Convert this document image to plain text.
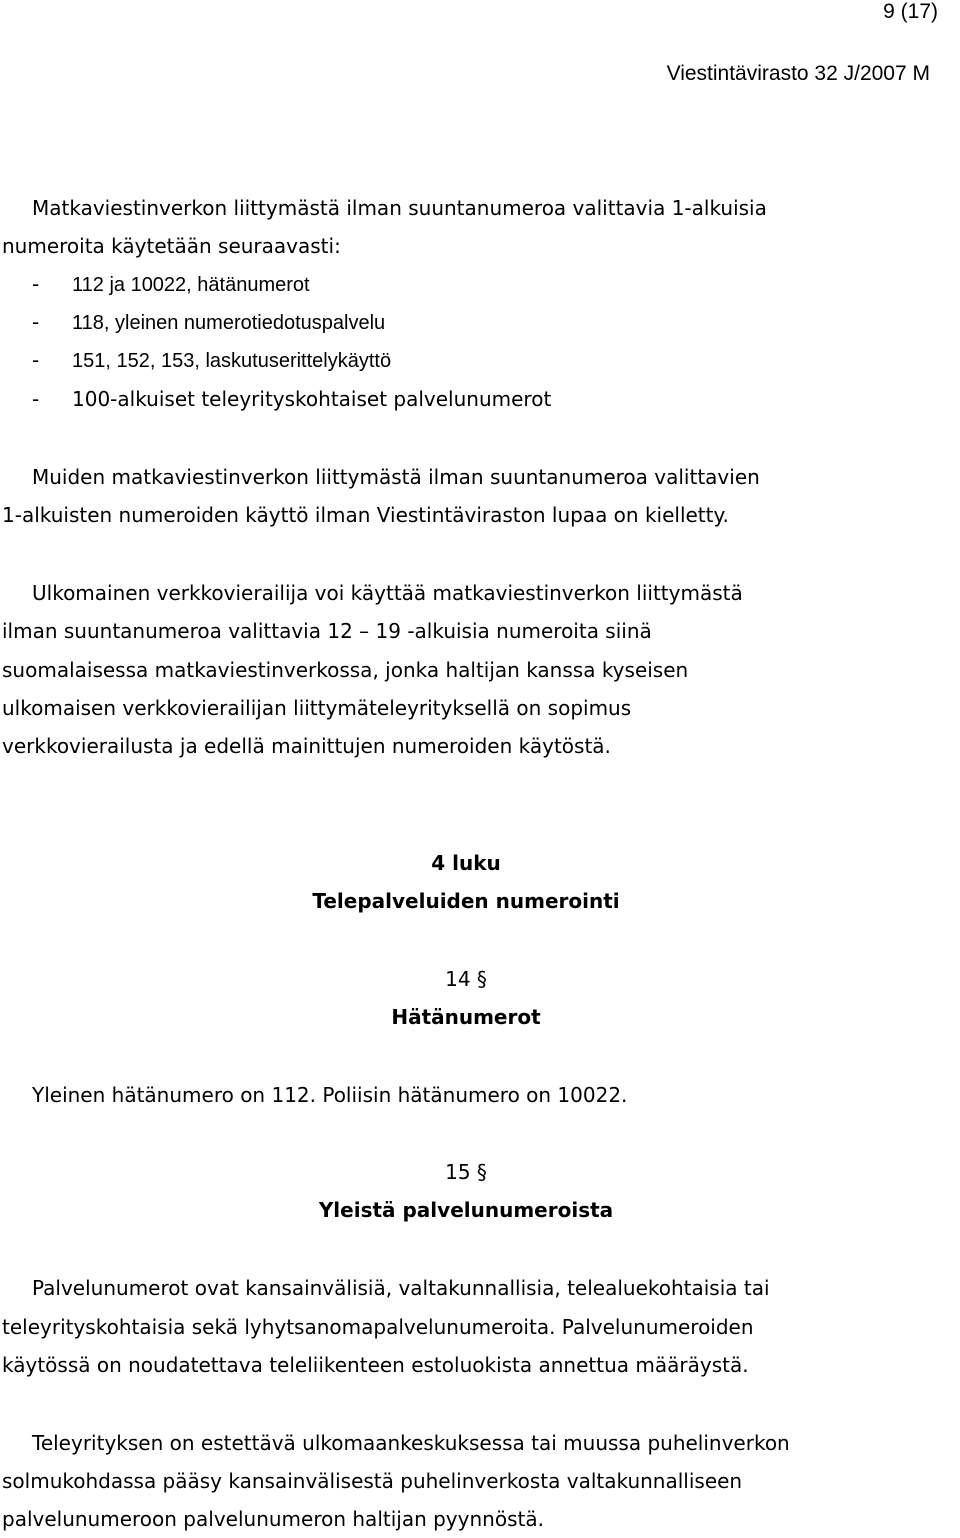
9 (17)
Viestintävirasto 32 J/2007 M
Matkaviestinverkon liittymästä ilman suuntanumeroa valittavia 1-alkuisia
numeroita käytetään seuraavasti:
- 112 ja 10022, hätänumerot
- 118, yleinen numerotiedotuspalvelu
- 151, 152, 153, laskutuserittelykäyttö
- 100-alkuiset teleyrityskohtaiset palvelunumerot
Muiden matkaviestinverkon liittymästä ilman suuntanumeroa valittavien
1-alkuisten numeroiden käyttö ilman Viestintäviraston lupaa on kielletty.
Ulkomainen verkkovierailija voi käyttää matkaviestinverkon liittymästä
ilman suuntanumeroa valittavia 12 – 19 -alkuisia numeroita siinä
suomalaisessa matkaviestinverkossa, jonka haltijan kanssa kyseisen
ulkomaisen verkkovierailijan liittymäteleyrityksellä on sopimus
verkkovierailusta ja edellä mainittujen numeroiden käytöstä.
4 luku
Telepalveluiden numerointi
14 §
Hätänumerot
Yleinen hätänumero on 112. Poliisin hätänumero on 10022.
15 §
Yleistä palvelunumeroista
Palvelunumerot ovat kansainvälisiä, valtakunnallisia, telealuekohtaisia tai
teleyrityskohtaisia sekä lyhytsanomapalvelunumeroita. Palvelunumeroiden
käytössä on noudatettava teleliikenteen estoluokista annettua määräystä.
Teleyrityksen on estettävä ulkomaankeskuksessa tai muussa puhelinverkon
solmukohdassa pääsy kansainvälisestä puhelinverkosta valtakunnalliseen
palvelunumeroon palvelunumeron haltijan pyynnöstä.
